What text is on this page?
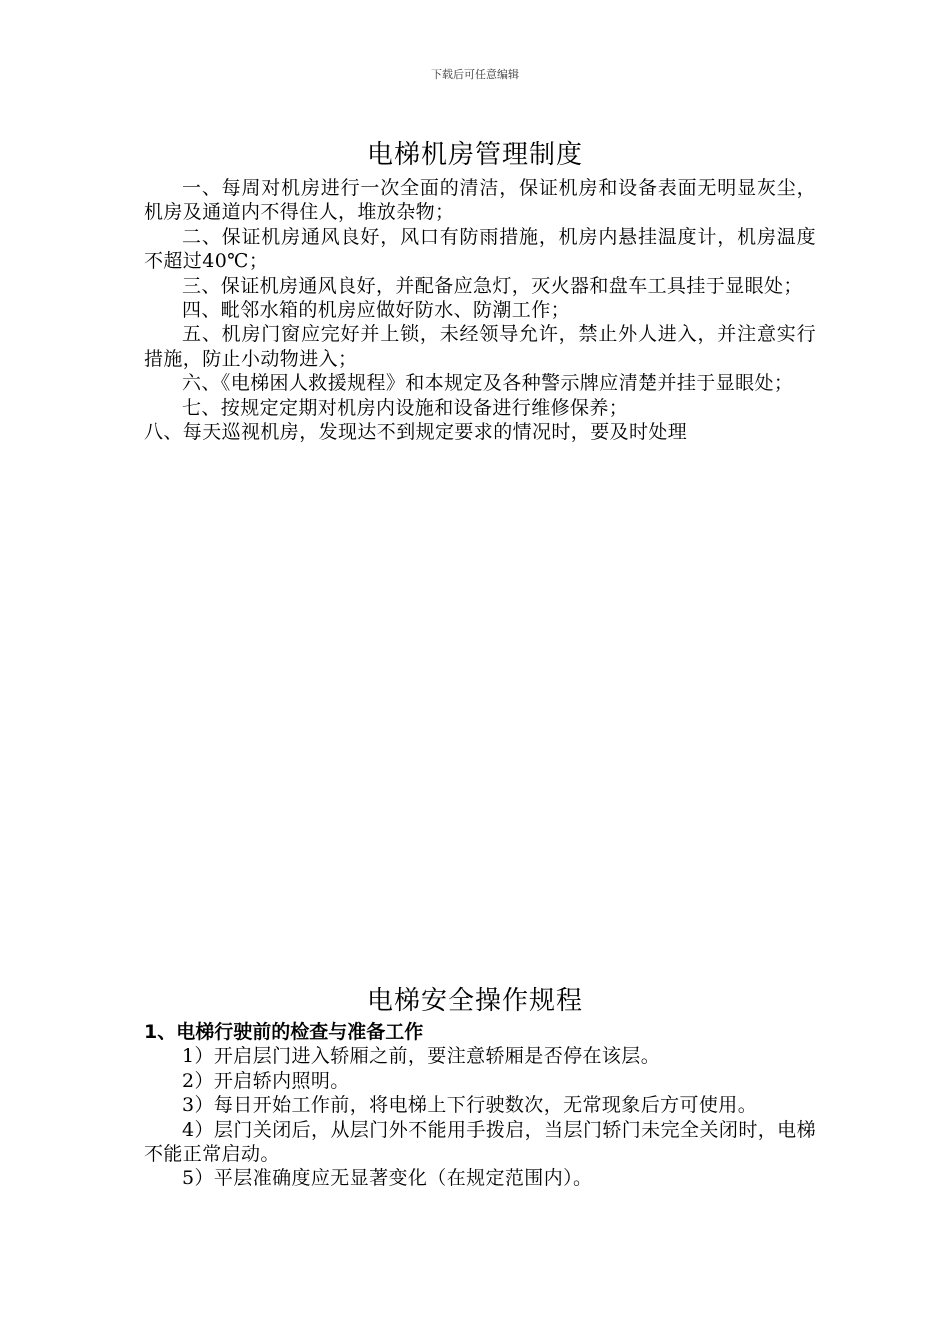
下载后可任意编辑
电梯机房管理制度

一、每周对机房进行一次全面的清洁，保证机房和设备表面无明显灰尘，机房及通道内不得住人，堆放杂物；

二、保证机房通风良好，风口有防雨措施，机房内悬挂温度计，机房温度不超过40℃；

三、保证机房通风良好，并配备应急灯，灭火器和盘车工具挂于显眼处；

四、毗邻水箱的机房应做好防水、防潮工作；

五、机房门窗应完好并上锁，未经领导允许，禁止外人进入，并注意实行措施，防止小动物进入；

六、《电梯困人救援规程》和本规定及各种警示牌应清楚并挂于显眼处；

七、按规定定期对机房内设施和设备进行维修保养；

八、每天巡视机房，发现达不到规定要求的情况时，要及时处理

电梯安全操作规程

1、电梯行驶前的检查与准备工作

1）开启层门进入轿厢之前，要注意轿厢是否停在该层。

2）开启轿内照明。

3）每日开始工作前，将电梯上下行驶数次，无常现象后方可使用。

4）层门关闭后，从层门外不能用手拨启，当层门轿门未完全关闭时，电梯不能正常启动。

5）平层准确度应无显著变化（在规定范围内）。
